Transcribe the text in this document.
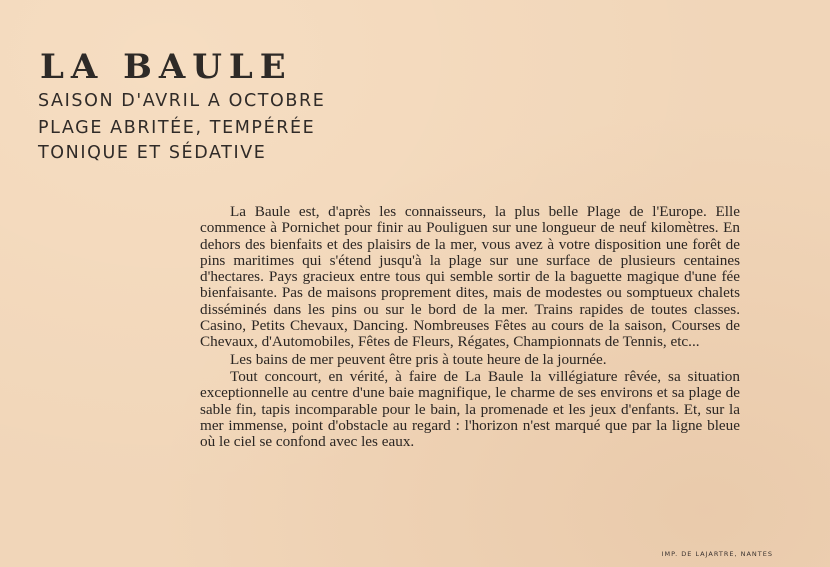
LA BAULE

SAISON D'AVRIL A OCTOBRE

PLAGE ABRITÉE, TEMPÉRÉE

TONIQUE ET SÉDATIVE

La Baule est, d'après les connaisseurs, la plus belle Plage de l'Europe. Elle commence à Pornichet pour finir au Pouliguen sur une longueur de neuf kilomètres. En dehors des bienfaits et des plaisirs de la mer, vous avez à votre disposition une forêt de pins maritimes qui s'étend jusqu'à la plage sur une surface de plusieurs centaines d'hectares. Pays gracieux entre tous qui semble sortir de la baguette magique d'une fée bienfaisante. Pas de maisons proprement dites, mais de modestes ou somptueux chalets disséminés dans les pins ou sur le bord de la mer. Trains rapides de toutes classes. Casino, Petits Chevaux, Dancing. Nombreuses Fêtes au cours de la saison, Courses de Chevaux, d'Automobiles, Fêtes de Fleurs, Régates, Championnats de Tennis, etc...

Les bains de mer peuvent être pris à toute heure de la journée.

Tout concourt, en vérité, à faire de La Baule la villégiature rêvée, sa situation exceptionnelle au centre d'une baie magnifique, le charme de ses environs et sa plage de sable fin, tapis incomparable pour le bain, la promenade et les jeux d'enfants. Et, sur la mer immense, point d'obstacle au regard : l'horizon n'est marqué que par la ligne bleue où le ciel se confond avec les eaux.

IMP. DE LAJARTRE, NANTES
